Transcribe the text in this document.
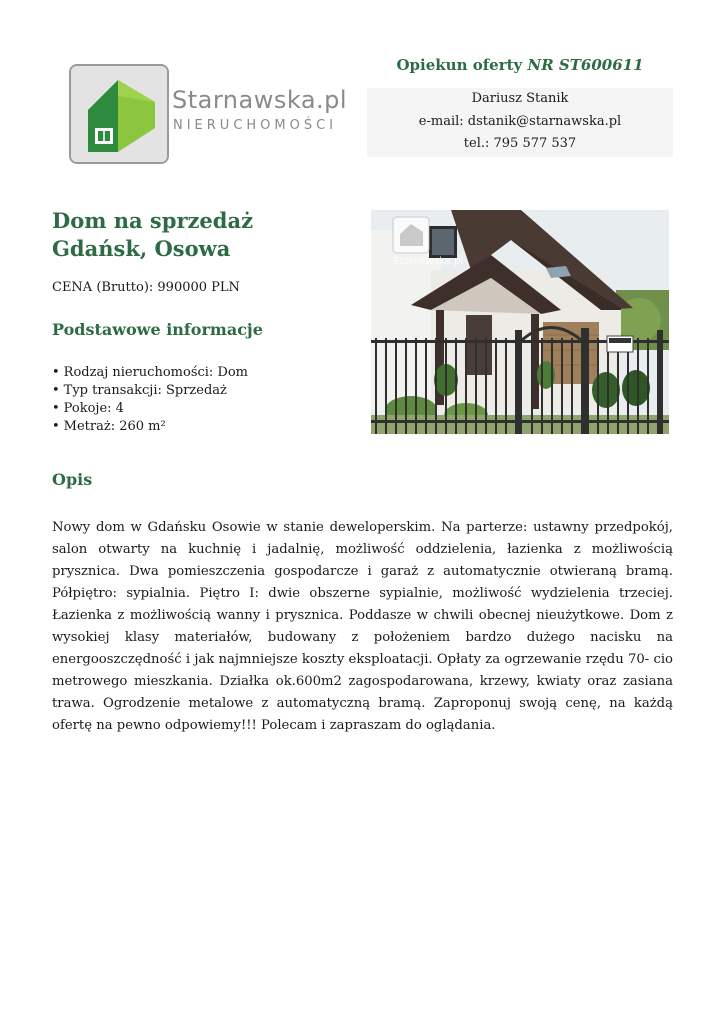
Starnawska.pl
NIERUCHOMOŚCI
Opiekun oferty NR ST600611
Dariusz Stanik
e-mail: dstanik@starnawska.pl
tel.: 795 577 537
Dom na sprzedaż
Gdańsk, Osowa
CENA (Brutto): 990000 PLN
Podstawowe informacje
• Rodzaj nieruchomości: Dom
• Typ transakcji: Sprzedaż
• Pokoje: 4
• Metraż: 260 m²
Starnawska.pl
Opis

Nowy dom w Gdańsku Osowie w stanie deweloperskim. Na parterze: ustawny przedpokój, salon otwarty na kuchnię i jadalnię, możliwość oddzielenia, łazienka z możliwością prysznica. Dwa pomieszczenia gospodarcze i garaż z automatycznie otwieraną bramą. Półpiętro: sypialnia. Piętro I: dwie obszerne sypialnie, możliwość wydzielenia trzeciej. Łazienka z możliwością wanny i prysznica. Poddasze w chwili obecnej nieużytkowe. Dom z wysokiej klasy materiałów, budowany z położeniem bardzo dużego nacisku na energooszczędność i jak najmniejsze koszty eksploatacji. Opłaty za ogrzewanie rzędu 70- cio metrowego mieszkania. Działka ok.600m2 zagospodarowana, krzewy, kwiaty oraz zasiana trawa. Ogrodzenie metalowe z automatyczną bramą. Zaproponuj swoją cenę, na każdą ofertę na pewno odpowiemy!!! Polecam i zapraszam do oglądania.
